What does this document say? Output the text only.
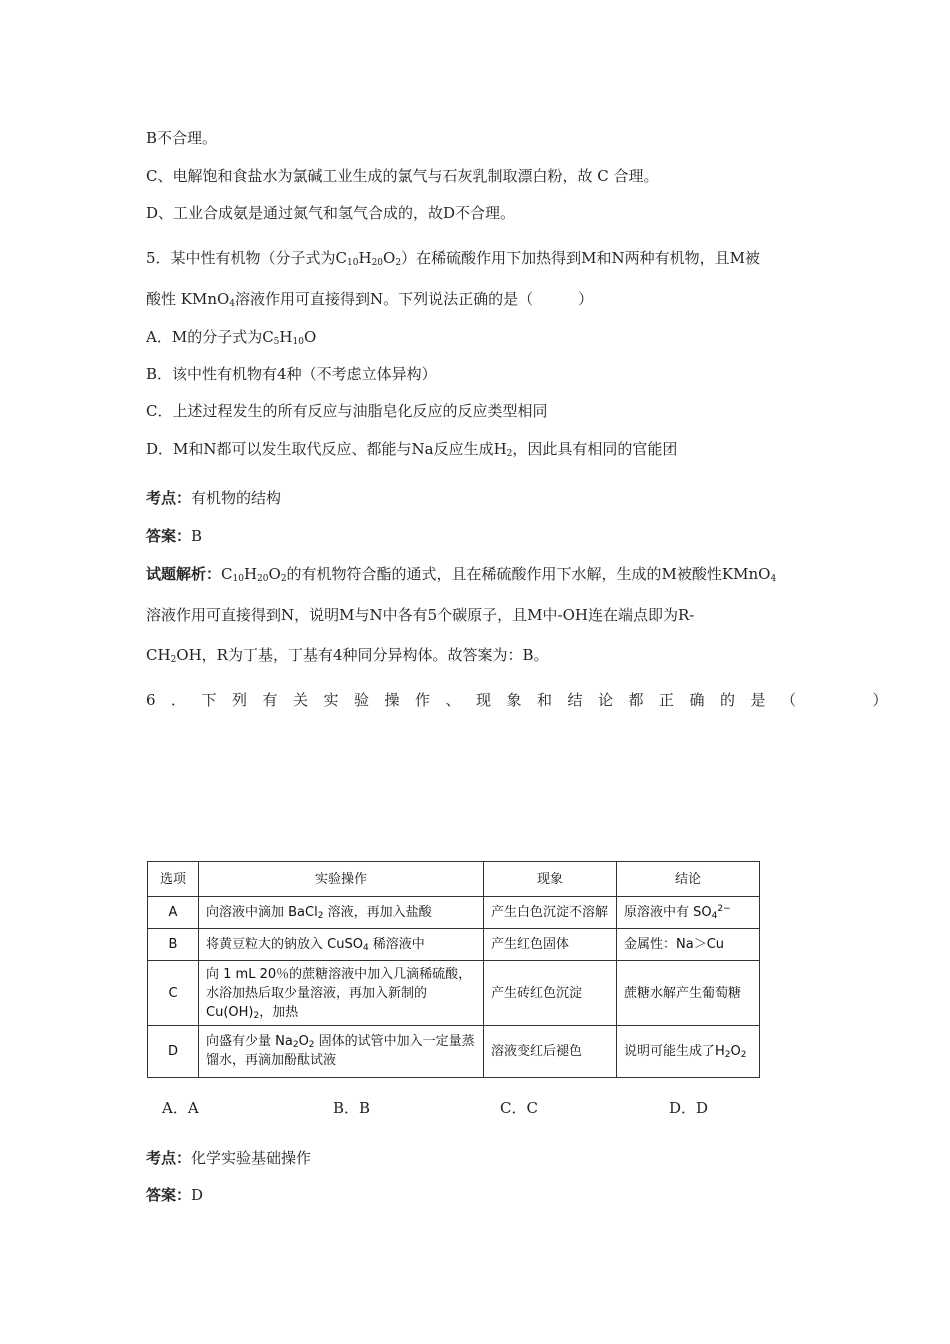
B不合理。
C、电解饱和食盐水为氯碱工业生成的氯气与石灰乳制取漂白粉，故 C 合理。
D、工业合成氨是通过氮气和氢气合成的，故D不合理。
5．某中性有机物（分子式为$C_{10}H_{20}O_2$）在稀硫酸作用下加热得到M和N两种有机物，且M被
酸性 KMnO$_4$溶液作用可直接得到N。下列说法正确的是（　　　）
A．M的分子式为$C_5H_{10}O$
B．该中性有机物有4种（不考虑立体异构）
C．上述过程发生的所有反应与油脂皂化反应的反应类型相同
D．M和N都可以发生取代反应、都能与Na反应生成$H_2$，因此具有相同的官能团
考点：有机物的结构
答案：B
试题解析：$C_{10}H_{20}O_2$的有机物符合酯的通式，且在稀硫酸作用下水解，生成的M被酸性KMnO$_4$
溶液作用可直接得到N，说明M与N中各有5个碳原子，且M中-OH连在端点即为R-
$CH_2OH$，R为丁基，丁基有4种同分异构体。故答案为：B。
6．下列有关实验操作、现象和结论都正确的是（　　）
选项	实验操作	现象	结论
A	向溶液中滴加 BaCl$_2$ 溶液，再加入盐酸	产生白色沉淀不溶解	原溶液中有 $SO_4^{2-}$
B	将黄豆粒大的钠放入 CuSO$_4$ 稀溶液中	产生红色固体	金属性：Na＞Cu
C	向 1 mL 20％的蔗糖溶液中加入几滴稀硫酸，水浴加热后取少量溶液，再加入新制的 $Cu(OH)_2$，加热	产生砖红色沉淀	蔗糖水解产生葡萄糖
D	向盛有少量 $Na_2O_2$ 固体的试管中加入一定量蒸馏水，再滴加酚酞试液	溶液变红后褪色	说明可能生成了$H_2O_2$
A．A	B．B	C．C	D．D
考点：化学实验基础操作
答案：D
